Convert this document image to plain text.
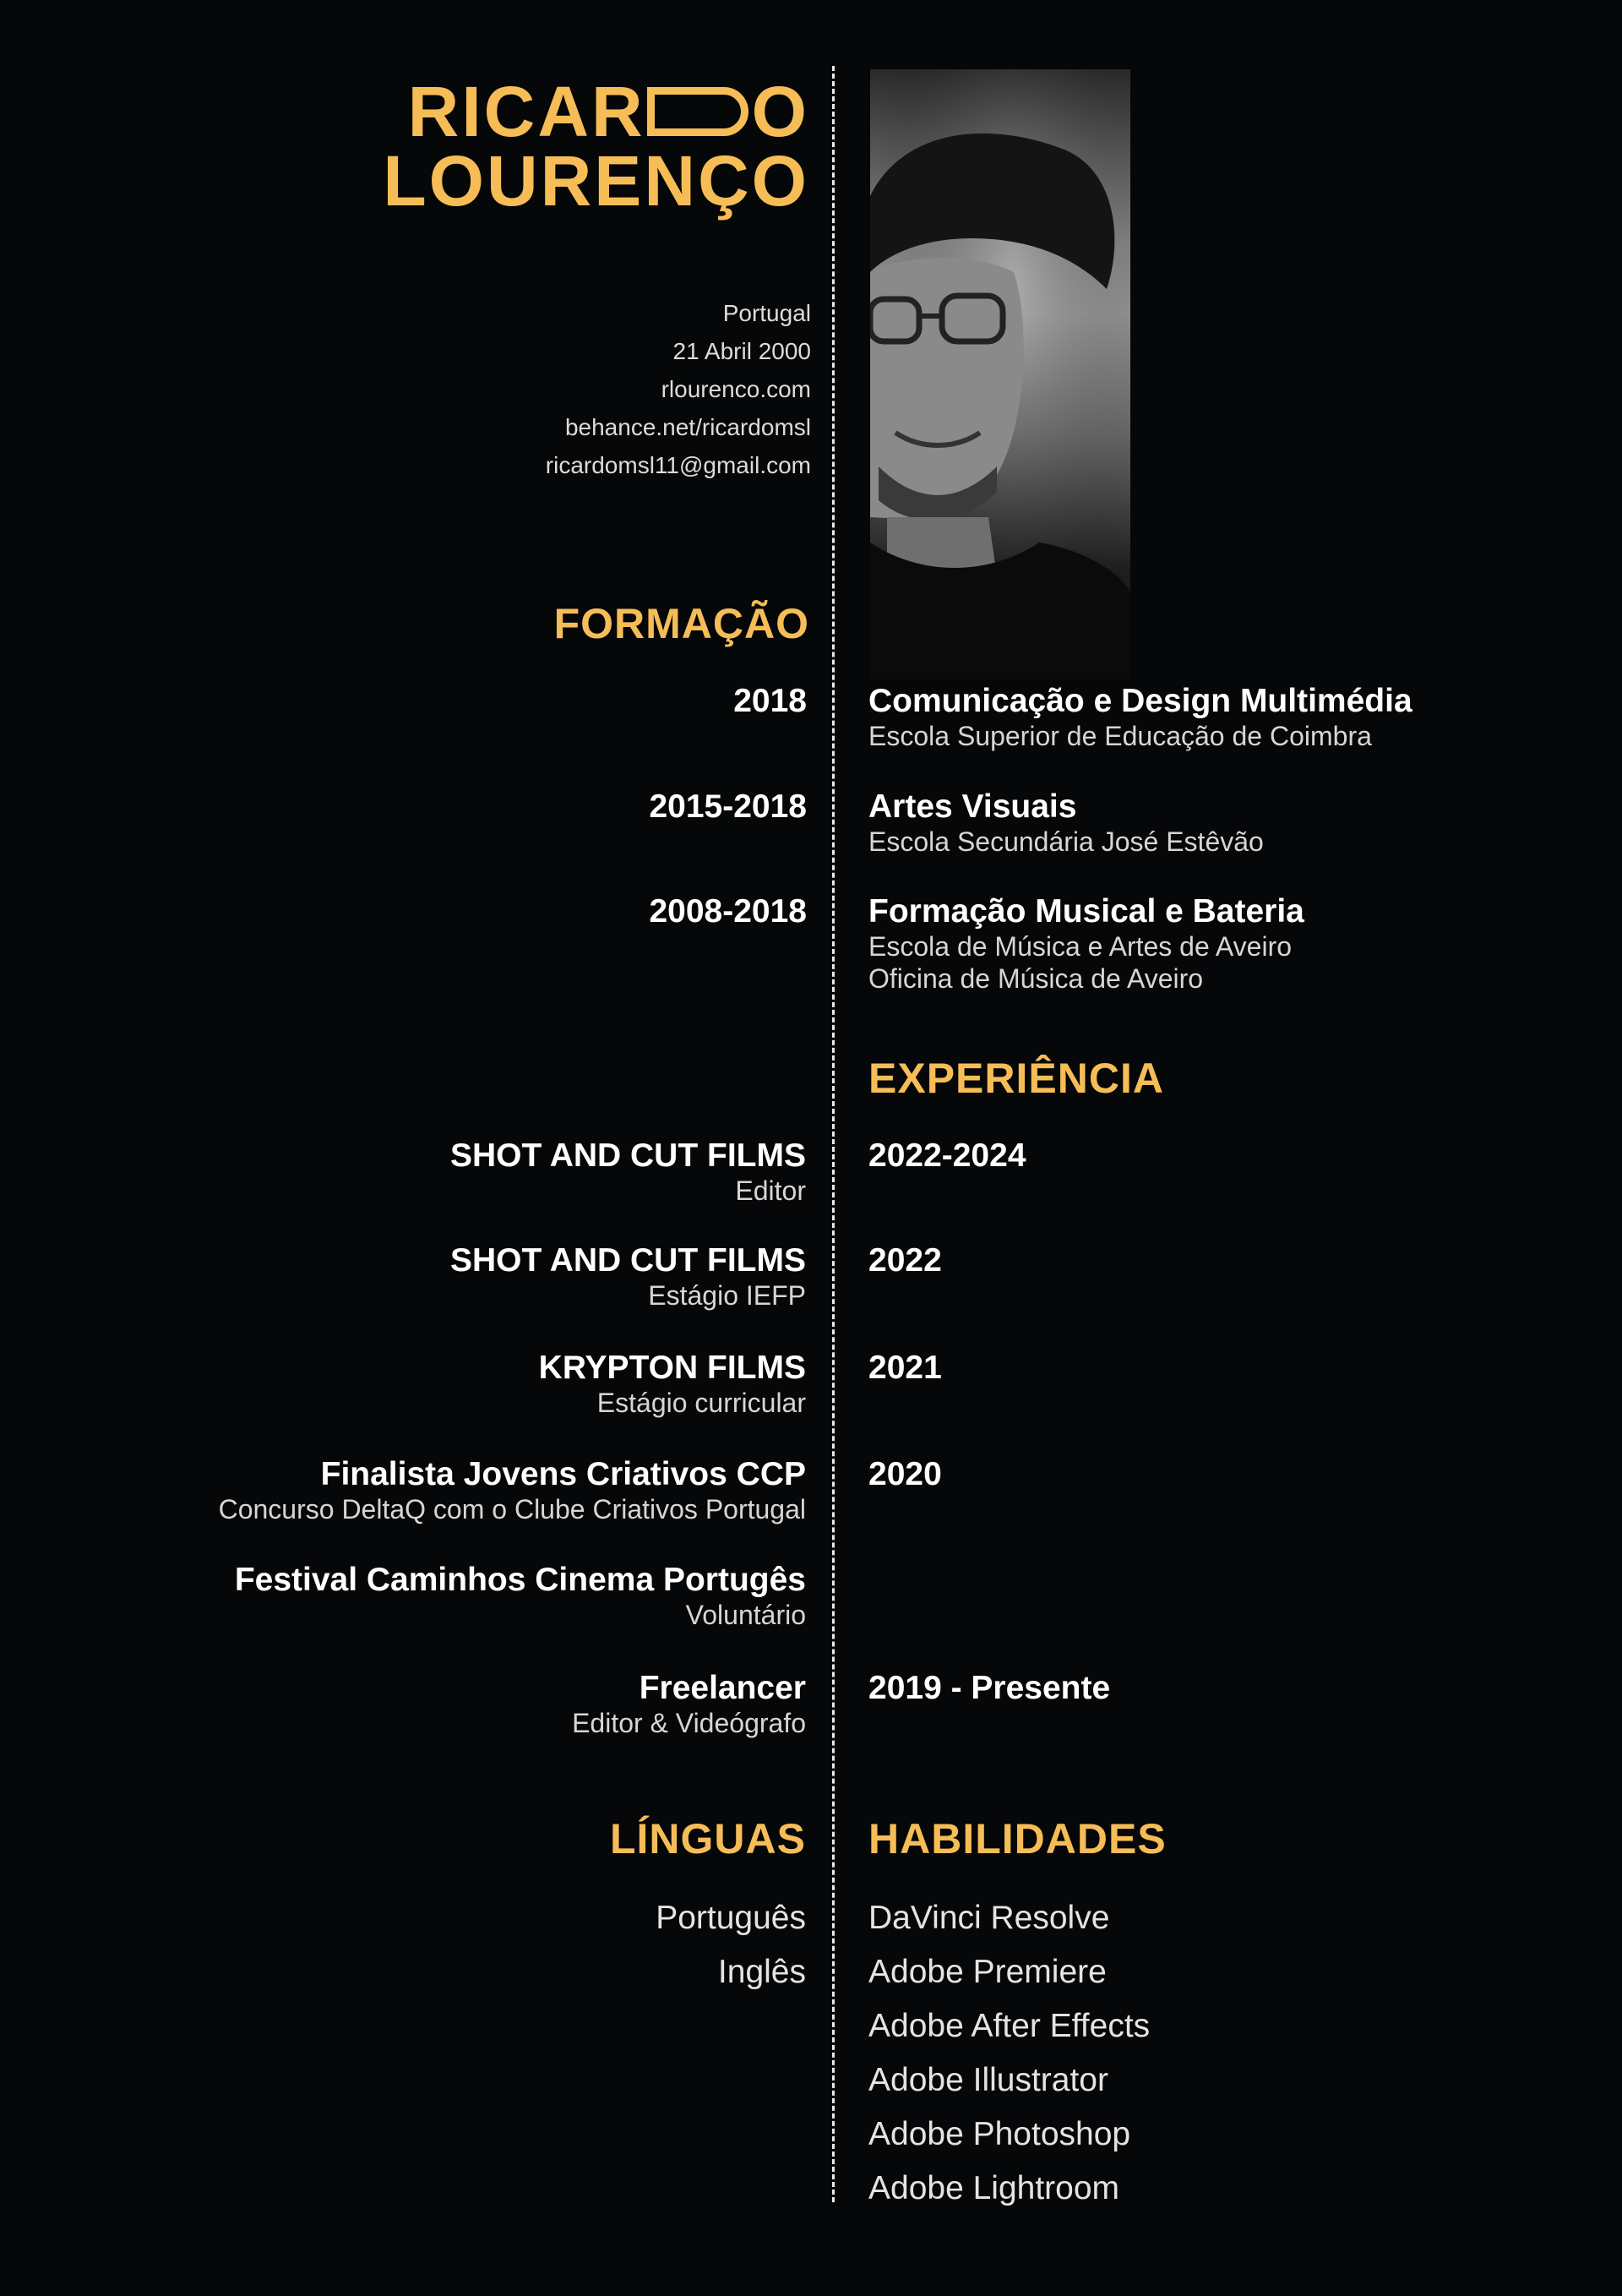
RICAR O
LOURENÇO
Portugal
21 Abril 2000
rlourenco.com
behance.net/ricardomsl
ricardomsl11@gmail.com
FORMAÇÃO
2018 Comunicação e Design Multimédia
Escola Superior de Educação de Coimbra
2015-2018 Artes Visuais
Escola Secundária José Estêvão
2008-2018 Formação Musical e Bateria
Escola de Música e Artes de Aveiro
Oficina de Música de Aveiro
EXPERIÊNCIA
SHOT AND CUT FILMS
Editor
2022-2024
SHOT AND CUT FILMS
Estágio IEFP
2022
KRYPTON FILMS
Estágio curricular
2021
Finalista Jovens Criativos CCP
Concurso DeltaQ com o Clube Criativos Portugal
2020
Festival Caminhos Cinema Portugês
Voluntário
Freelancer
Editor & Videógrafo
2019 - Presente
LÍNGUAS
Português
Inglês
HABILIDADES
DaVinci Resolve
Adobe Premiere
Adobe After Effects
Adobe Illustrator
Adobe Photoshop
Adobe Lightroom
